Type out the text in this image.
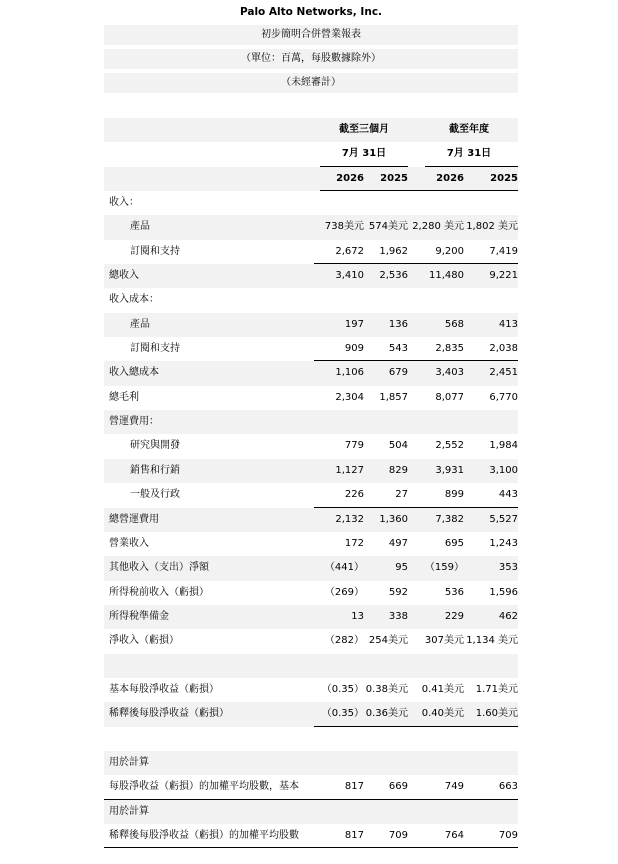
Palo Alto Networks, Inc.
初步簡明合併營業報表
（單位：百萬，每股數據除外）
（未經審計）
截至三個月	截至年度
7月 31日	7月 31日
2026 2025	2026	2025
收入：
產品	738美元 574美元 2,280 美元 1,802 美元
訂閱和支持	2,672 1,962	9,200	7,419
總收入	3,410 2,536 11,480	9,221
收入成本：
產品	197 136	568	413
訂閱和支持	909 543	2,835	2,038
收入總成本	1,106 679	3,403	2,451
總毛利	2,304 1,857	8,077	6,770
營運費用：
研究與開發	779 504	2,552	1,984
銷售和行銷	1,127 829	3,931	3,100
一般及行政	226	27	899	443
總營運費用	2,132 1,360	7,382	5,527
營業收入	172 497	695	1,243
其他收入（支出）淨額	（441）	95 （159）	353
所得稅前收入（虧損）	（269） 592	536	1,596
所得稅準備金	13 338	229	462
淨收入（虧損）	（282） 254美元 307美元 1,134 美元
基本每股淨收益（虧損）	（0.35） 0.38美元 0.41美元 1.71美元
稀釋後每股淨收益（虧損）	（0.35） 0.36美元 0.40美元 1.60美元
用於計算
每股淨收益（虧損）的加權平均股數，基本	817 669	749	663
用於計算
稀釋後每股淨收益（虧損）的加權平均股數	817 709	764	709
